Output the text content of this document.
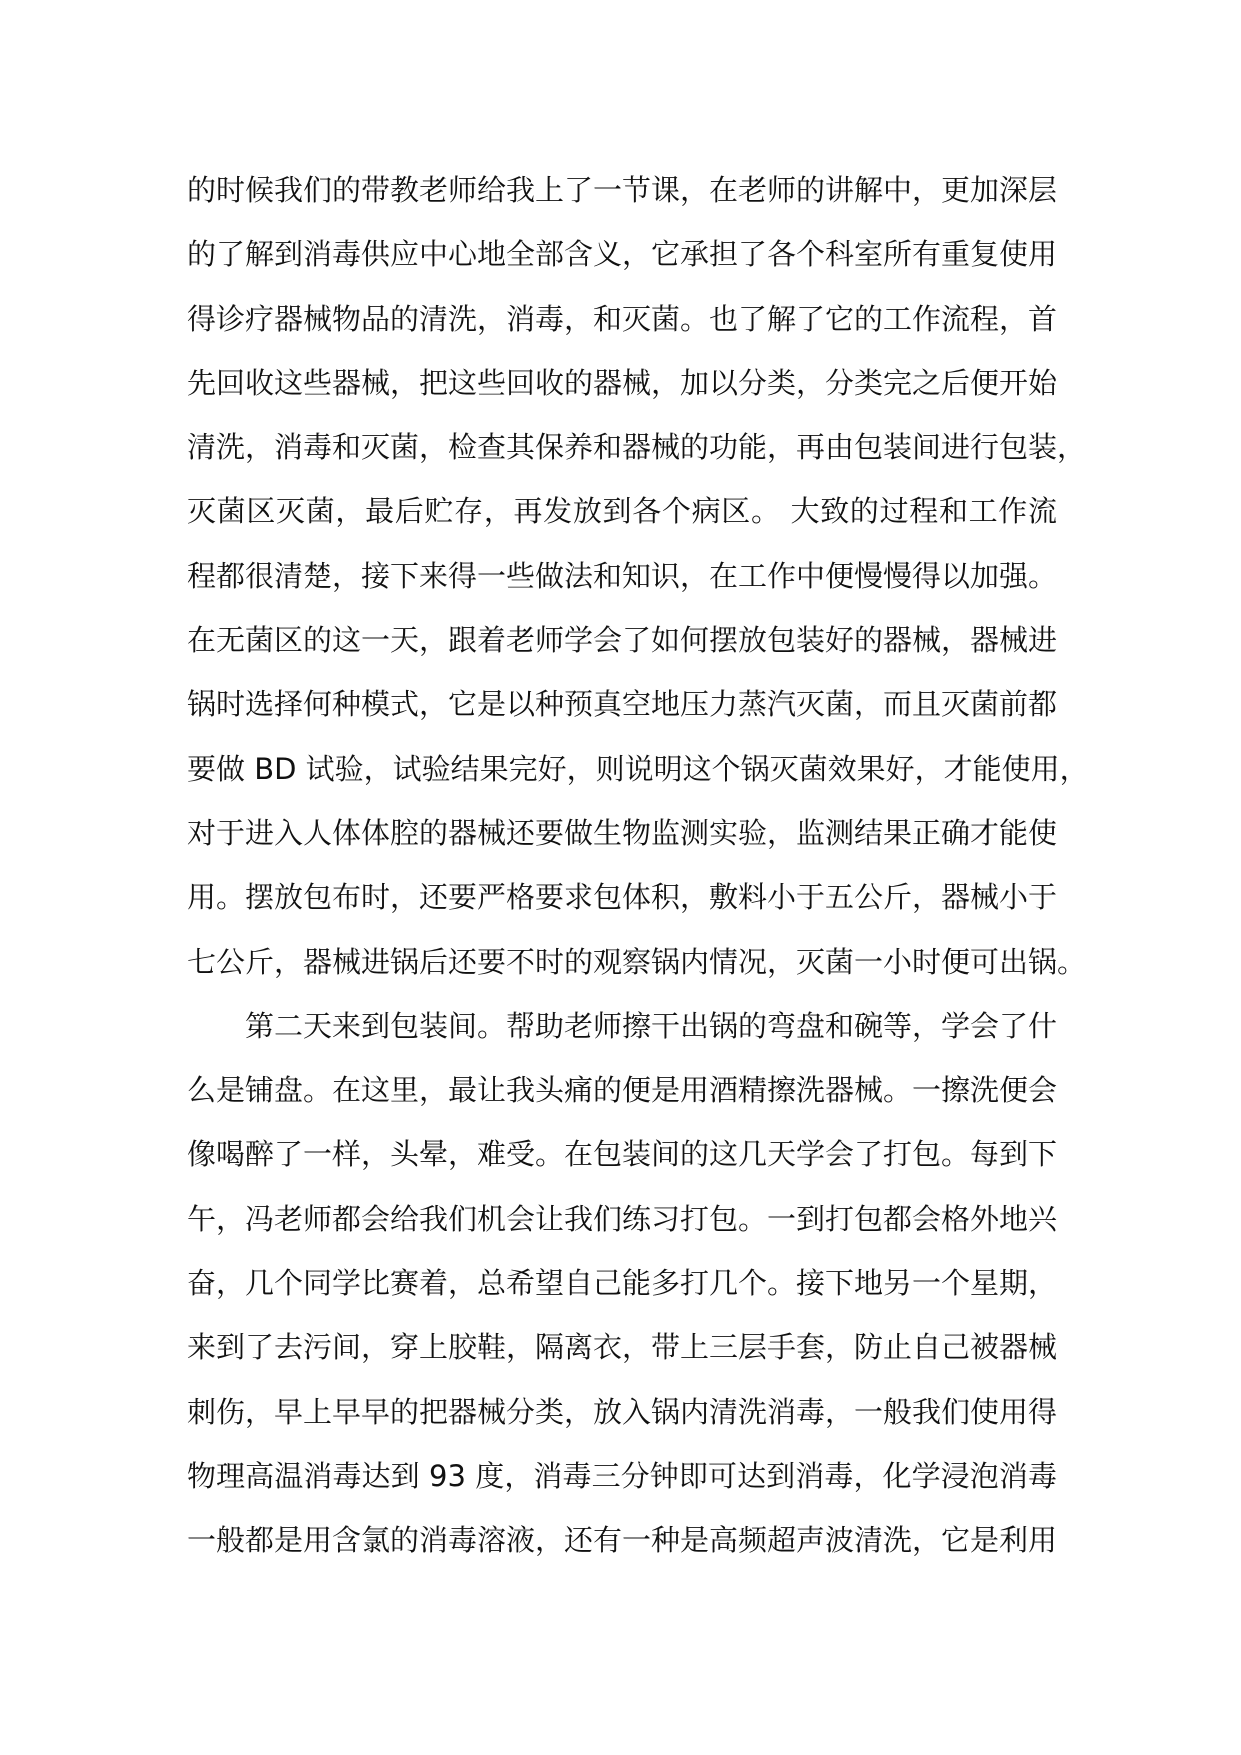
的时候我们的带教老师给我上了一节课，在老师的讲解中，更加深层
的了解到消毒供应中心地全部含义，它承担了各个科室所有重复使用
得诊疗器械物品的清洗，消毒，和灭菌。也了解了它的工作流程，首
先回收这些器械，把这些回收的器械，加以分类，分类完之后便开始
清洗，消毒和灭菌，检查其保养和器械的功能，再由包装间进行包装，
灭菌区灭菌，最后贮存，再发放到各个病区。 大致的过程和工作流
程都很清楚，接下来得一些做法和知识，在工作中便慢慢得以加强。
在无菌区的这一天，跟着老师学会了如何摆放包装好的器械，器械进
锅时选择何种模式，它是以种预真空地压力蒸汽灭菌，而且灭菌前都
要做 BD 试验，试验结果完好，则说明这个锅灭菌效果好，才能使用，
对于进入人体体腔的器械还要做生物监测实验，监测结果正确才能使
用。摆放包布时，还要严格要求包体积，敷料小于五公斤，器械小于
七公斤，器械进锅后还要不时的观察锅内情况，灭菌一小时便可出锅。
第二天来到包装间。帮助老师擦干出锅的弯盘和碗等，学会了什
么是铺盘。在这里，最让我头痛的便是用酒精擦洗器械。一擦洗便会
像喝醉了一样，头晕，难受。在包装间的这几天学会了打包。每到下
午，冯老师都会给我们机会让我们练习打包。一到打包都会格外地兴
奋，几个同学比赛着，总希望自己能多打几个。接下地另一个星期，
来到了去污间，穿上胶鞋，隔离衣，带上三层手套，防止自己被器械
刺伤，早上早早的把器械分类，放入锅内清洗消毒，一般我们使用得
物理高温消毒达到 93 度，消毒三分钟即可达到消毒，化学浸泡消毒
一般都是用含氯的消毒溶液，还有一种是高频超声波清洗，它是利用
